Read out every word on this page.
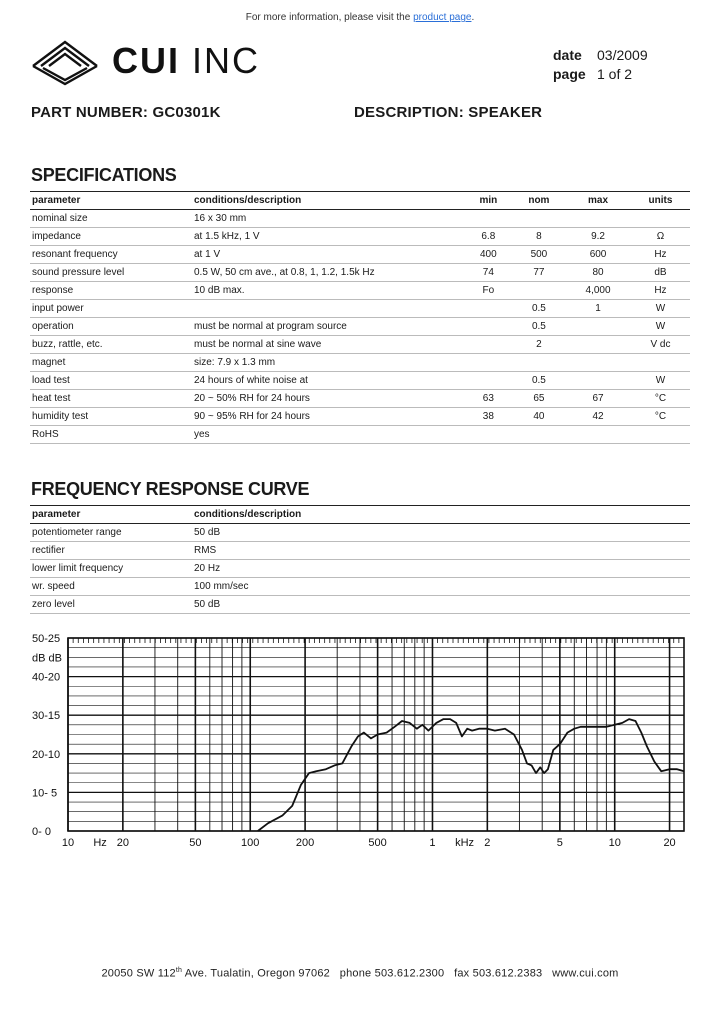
For more information, please visit the product page.
CUI INC	date 03/2009
page 1 of 2
PART NUMBER: GC0301K	DESCRIPTION: SPEAKER
SPECIFICATIONS
parameter	conditions/description	min	nom	max	units
nominal size	16 x 30 mm				
impedance	at 1.5 kHz, 1 V	6.8	8	9.2	Ω
resonant frequency	at 1 V	400	500	600	Hz
sound pressure level	0.5 W, 50 cm ave., at 0.8, 1, 1.2, 1.5k Hz	74	77	80	dB
response	10 dB max.	Fo		4,000	Hz
input power			0.5	1	W
operation	must be normal at program source		0.5		W
buzz, rattle, etc.	must be normal at sine wave		2		V dc
magnet	size: 7.9 x 1.3 mm				
load test	24 hours of white noise at		0.5		W
heat test	20 ~ 50% RH for 24 hours	63	65	67	°C
humidity test	90 ~ 95% RH for 24 hours	38	40	42	°C
RoHS	yes				
FREQUENCY RESPONSE CURVE
parameter	conditions/description	
potentiometer range	50 dB	
rectifier	RMS	
lower limit frequency	20 Hz	
wr. speed	100 mm/sec	
zero level	50 dB	
50-25
dB dB
40-20
30-15
20-10
10- 5
0- 0
10 Hz 20	50	100	200	500	1 kHz 2	5	10	20
20050 SW 112th Ave. Tualatin, Oregon 97062 phone 503.612.2300 fax 503.612.2383 www.cui.com
